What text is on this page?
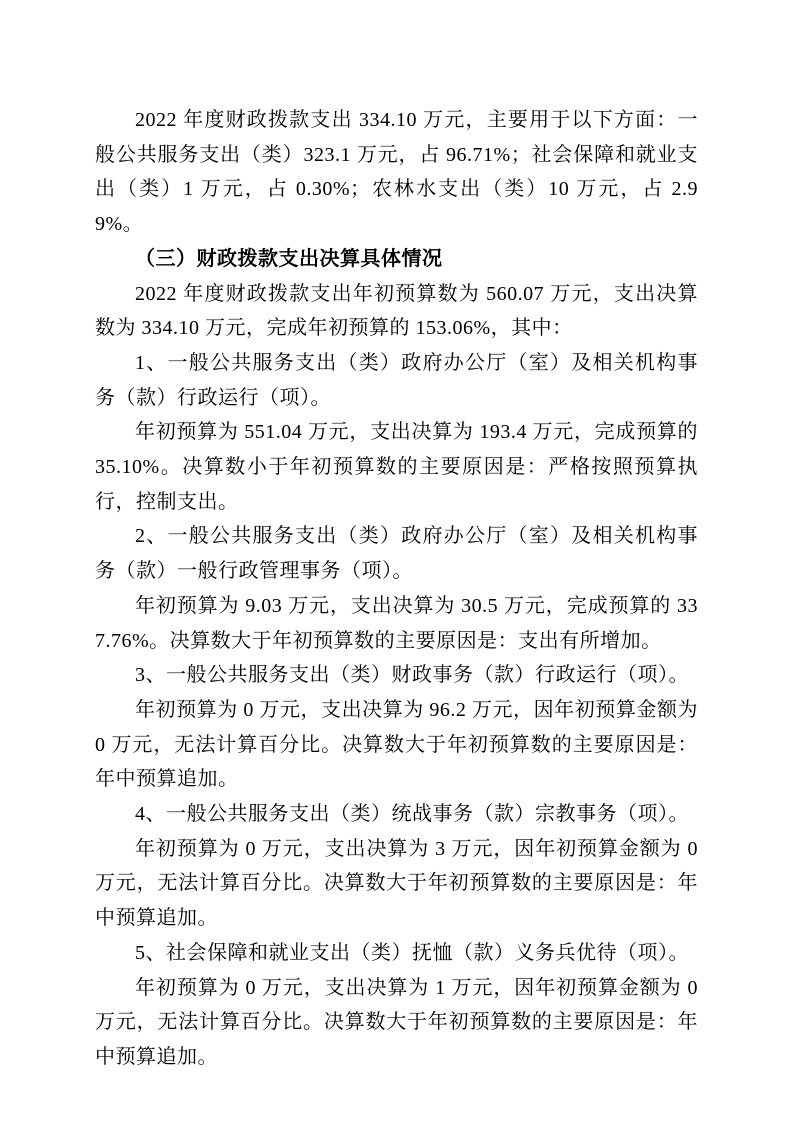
2022 年度财政拨款支出 334.10 万元，主要用于以下方面：一般公共服务支出（类）323.1 万元，占 96.71%；社会保障和就业支出（类）1 万元，占 0.30%；农林水支出（类）10 万元，占 2.99%。

（三）财政拨款支出决算具体情况

2022 年度财政拨款支出年初预算数为 560.07 万元，支出决算数为 334.10 万元，完成年初预算的 153.06%，其中：

1、一般公共服务支出（类）政府办公厅（室）及相关机构事务（款）行政运行（项）。

年初预算为 551.04 万元，支出决算为 193.4 万元，完成预算的 35.10%。决算数小于年初预算数的主要原因是：严格按照预算执行，控制支出。

2、一般公共服务支出（类）政府办公厅（室）及相关机构事务（款）一般行政管理事务（项）。

年初预算为 9.03 万元，支出决算为 30.5 万元，完成预算的 337.76%。决算数大于年初预算数的主要原因是：支出有所增加。

3、一般公共服务支出（类）财政事务（款）行政运行（项）。

年初预算为 0 万元，支出决算为 96.2 万元，因年初预算金额为 0 万元，无法计算百分比。决算数大于年初预算数的主要原因是：年中预算追加。

4、一般公共服务支出（类）统战事务（款）宗教事务（项）。

年初预算为 0 万元，支出决算为 3 万元，因年初预算金额为 0 万元，无法计算百分比。决算数大于年初预算数的主要原因是：年中预算追加。

5、社会保障和就业支出（类）抚恤（款）义务兵优待（项）。

年初预算为 0 万元，支出决算为 1 万元，因年初预算金额为 0 万元，无法计算百分比。决算数大于年初预算数的主要原因是：年中预算追加。
